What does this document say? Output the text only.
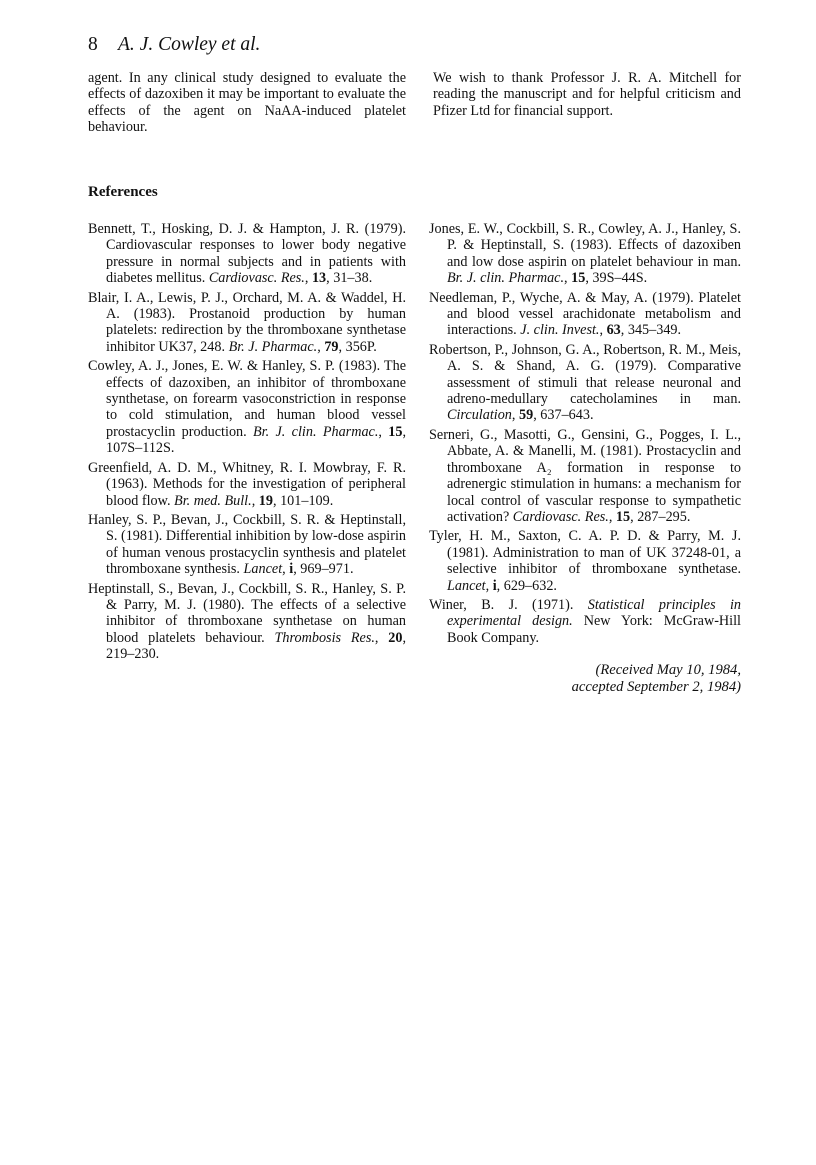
8 A. J. Cowley et al.
agent. In any clinical study designed to evaluate the effects of dazoxiben it may be important to evaluate the effects of the agent on NaAA-induced platelet behaviour.
We wish to thank Professor J. R. A. Mitchell for reading the manuscript and for helpful criticism and Pfizer Ltd for financial support.
References
Bennett, T., Hosking, D. J. & Hampton, J. R. (1979). Cardiovascular responses to lower body negative pressure in normal subjects and in patients with diabetes mellitus. Cardiovasc. Res., 13, 31–38.
Blair, I. A., Lewis, P. J., Orchard, M. A. & Waddel, H. A. (1983). Prostanoid production by human platelets: redirection by the thromboxane synthetase inhibitor UK37, 248. Br. J. Pharmac., 79, 356P.
Cowley, A. J., Jones, E. W. & Hanley, S. P. (1983). The effects of dazoxiben, an inhibitor of thromboxane synthetase, on forearm vasoconstriction in response to cold stimulation, and human blood vessel prostacyclin production. Br. J. clin. Pharmac., 15, 107S–112S.
Greenfield, A. D. M., Whitney, R. I. Mowbray, F. R. (1963). Methods for the investigation of peripheral blood flow. Br. med. Bull., 19, 101–109.
Hanley, S. P., Bevan, J., Cockbill, S. R. & Heptinstall, S. (1981). Differential inhibition by low-dose aspirin of human venous prostacyclin synthesis and platelet thromboxane synthesis. Lancet, i, 969–971.
Heptinstall, S., Bevan, J., Cockbill, S. R., Hanley, S. P. & Parry, M. J. (1980). The effects of a selective inhibitor of thromboxane synthetase on human blood platelets behaviour. Thrombosis Res., 20, 219–230.
Jones, E. W., Cockbill, S. R., Cowley, A. J., Hanley, S. P. & Heptinstall, S. (1983). Effects of dazoxiben and low dose aspirin on platelet behaviour in man. Br. J. clin. Pharmac., 15, 39S–44S.
Needleman, P., Wyche, A. & May, A. (1979). Platelet and blood vessel arachidonate metabolism and interactions. J. clin. Invest., 63, 345–349.
Robertson, P., Johnson, G. A., Robertson, R. M., Meis, A. S. & Shand, A. G. (1979). Comparative assessment of stimuli that release neuronal and adreno-medullary catecholamines in man. Circulation, 59, 637–643.
Serneri, G., Masotti, G., Gensini, G., Pogges, I. L., Abbate, A. & Manelli, M. (1981). Prostacyclin and thromboxane A₂ formation in response to adrenergic stimulation in humans: a mechanism for local control of vascular response to sympathetic activation? Cardiovasc. Res., 15, 287–295.
Tyler, H. M., Saxton, C. A. P. D. & Parry, M. J. (1981). Administration to man of UK 37248-01, a selective inhibitor of thromboxane synthetase. Lancet, i, 629–632.
Winer, B. J. (1971). Statistical principles in experimental design. New York: McGraw-Hill Book Company.
(Received May 10, 1984,
accepted September 2, 1984)
